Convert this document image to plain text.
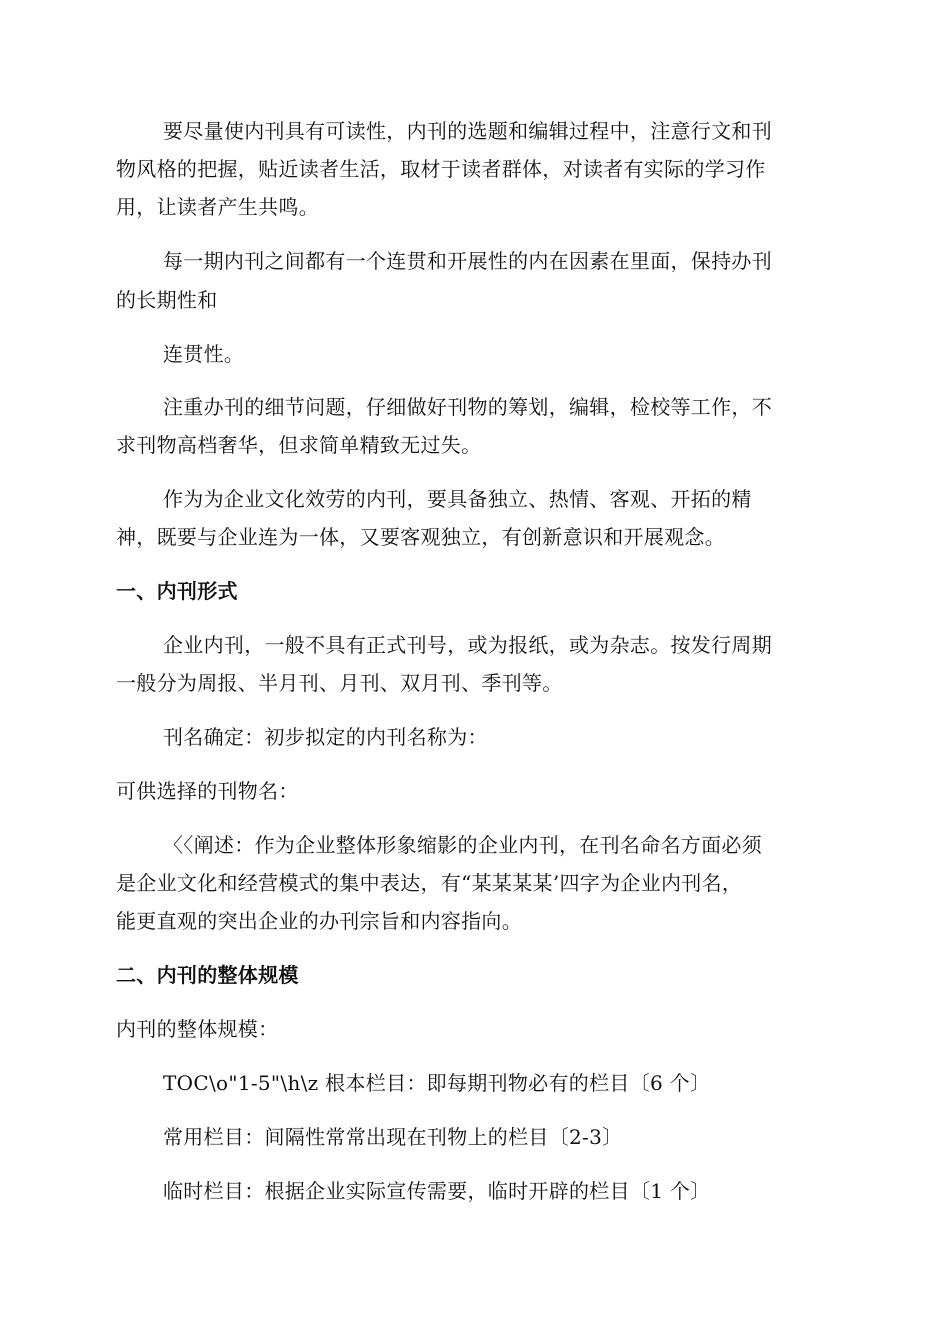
要尽量使内刊具有可读性，内刊的选题和编辑过程中，注意行文和刊
物风格的把握，贴近读者生活，取材于读者群体，对读者有实际的学习作
用，让读者产生共鸣。
每一期内刊之间都有一个连贯和开展性的内在因素在里面，保持办刊
的长期性和
连贯性。
注重办刊的细节问题，仔细做好刊物的筹划，编辑，检校等工作，不
求刊物高档奢华，但求简单精致无过失。
作为为企业文化效劳的内刊，要具备独立、热情、客观、开拓的精
神，既要与企业连为一体，又要客观独立，有创新意识和开展观念。
一、内刊形式
企业内刊，一般不具有正式刊号，或为报纸，或为杂志。按发行周期
一般分为周报、半月刊、月刊、双月刊、季刊等。
刊名确定：初步拟定的内刊名称为：
可供选择的刊物名：
〈〈阐述：作为企业整体形象缩影的企业内刊，在刊名命名方面必须
是企业文化和经营模式的集中表达，有“某某某某’四字为企业内刊名，
能更直观的突出企业的办刊宗旨和内容指向。
二、内刊的整体规模
内刊的整体规模：
TOC\o"1-5"\h\z 根本栏目：即每期刊物必有的栏目〔6 个〕
常用栏目：间隔性常常出现在刊物上的栏目〔2-3〕
临时栏目：根据企业实际宣传需要，临时开辟的栏目〔1 个〕
